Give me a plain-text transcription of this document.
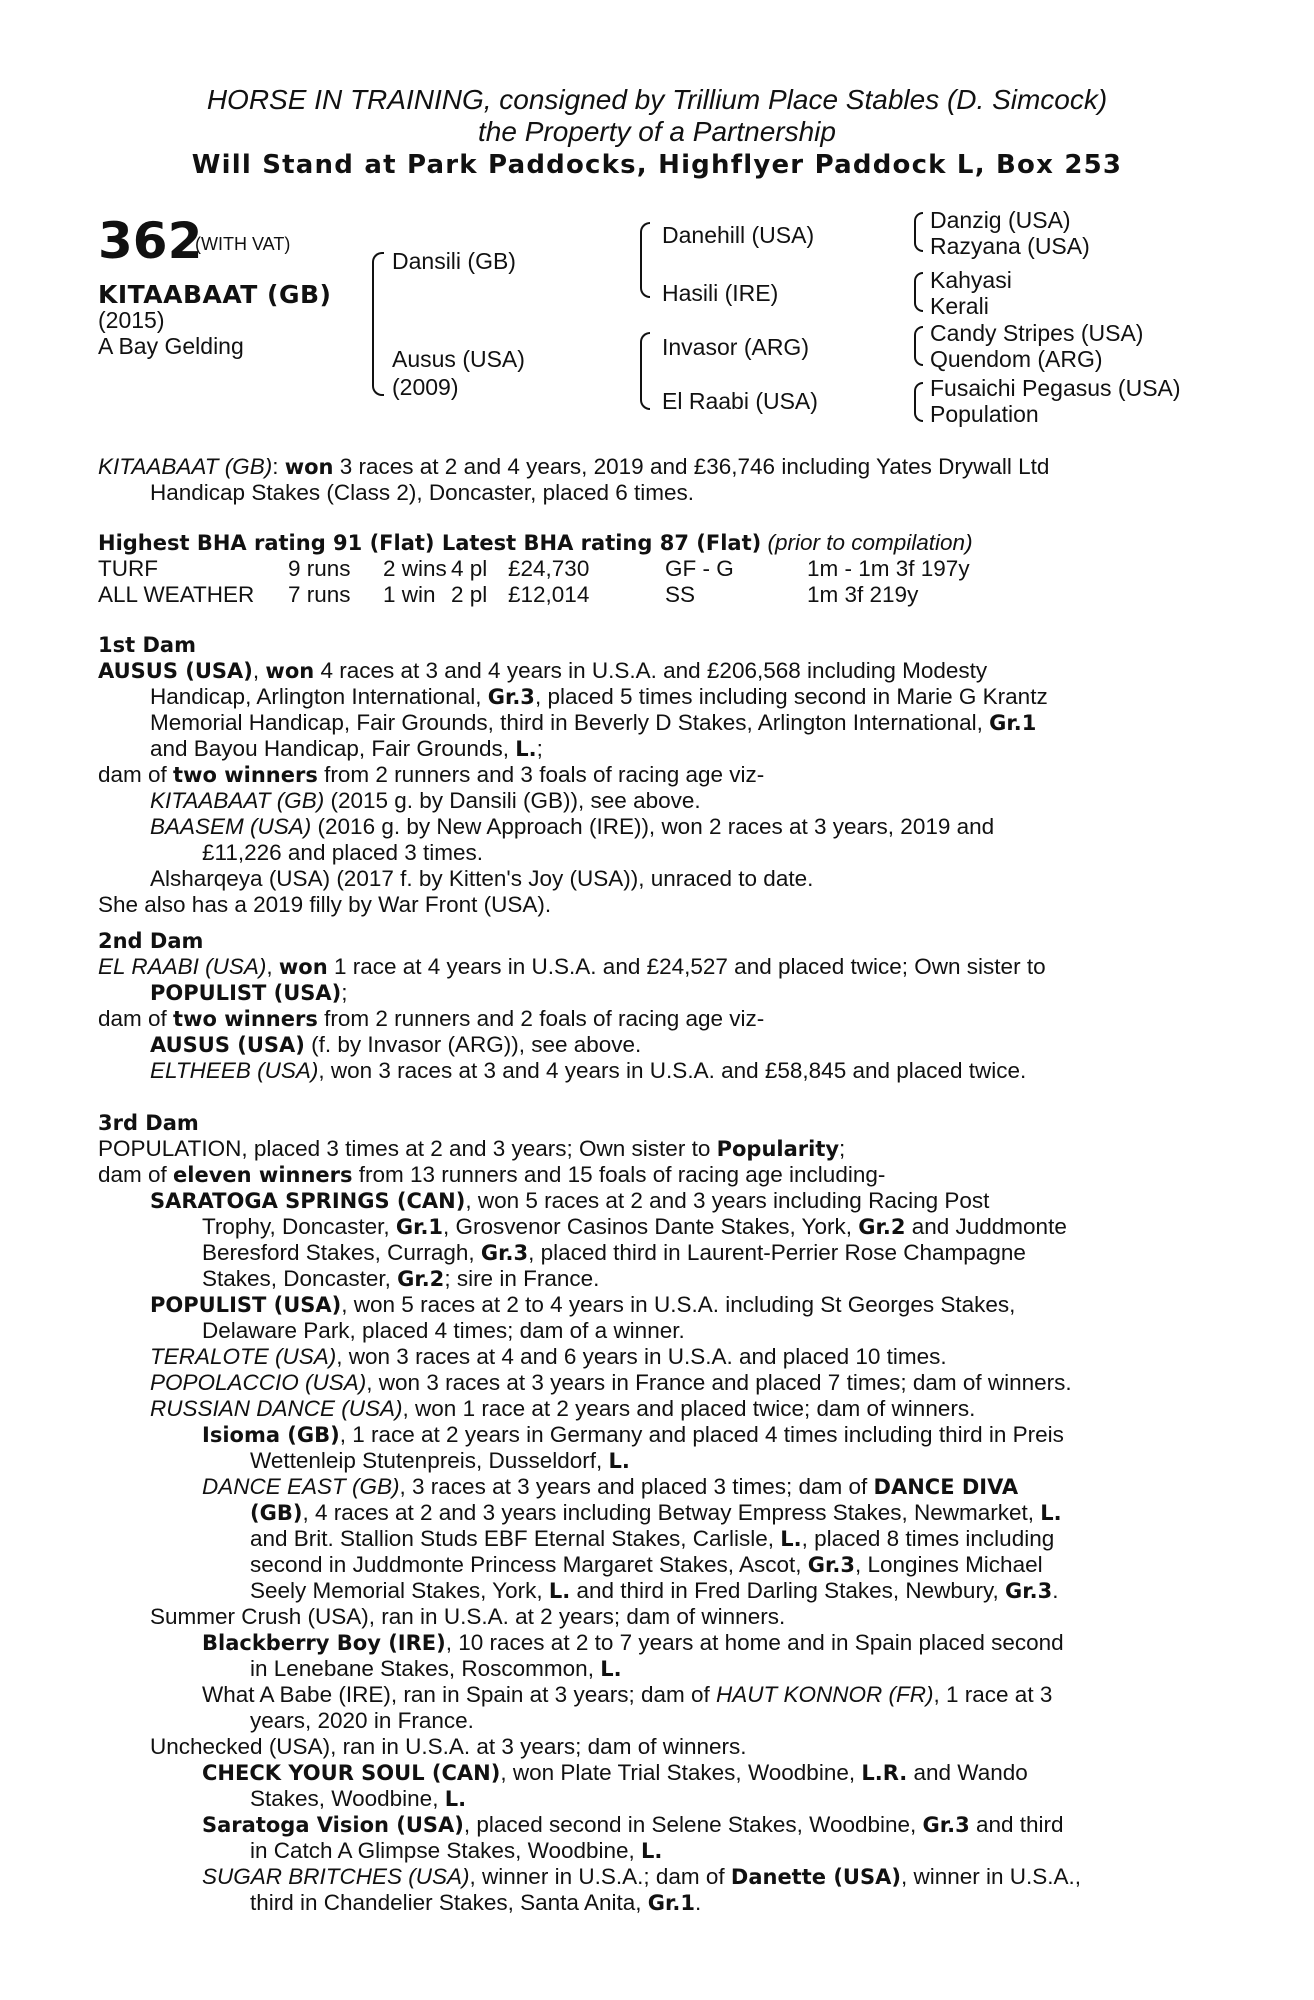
HORSE IN TRAINING, consigned by Trillium Place Stables (D. Simcock)
the Property of a Partnership
Will Stand at Park Paddocks, Highflyer Paddock L, Box 253
362
(WITH VAT)
KITAABAAT (GB)
(2015)
A Bay Gelding
Dansili (GB)
Ausus (USA)
(2009)
Danehill (USA)
Hasili (IRE)
Invasor (ARG)
El Raabi (USA)
Danzig (USA)
Razyana (USA)
Kahyasi
Kerali
Candy Stripes (USA)
Quendom (ARG)
Fusaichi Pegasus (USA)
Population
KITAABAAT (GB): won 3 races at 2 and 4 years, 2019 and £36,746 including Yates Drywall Ltd
Handicap Stakes (Class 2), Doncaster, placed 6 times.
Highest BHA rating 91 (Flat) Latest BHA rating 87 (Flat) (prior to compilation)
TURF	9 runs	2 wins 4 pl £24,730	GF - G	1m - 1m 3f 197y
ALL WEATHER	7 runs	1 win 2 pl £12,014	SS	1m 3f 219y
1st Dam
AUSUS (USA), won 4 races at 3 and 4 years in U.S.A. and £206,568 including Modesty
Handicap, Arlington International, Gr.3, placed 5 times including second in Marie G Krantz
Memorial Handicap, Fair Grounds, third in Beverly D Stakes, Arlington International, Gr.1
and Bayou Handicap, Fair Grounds, L.;
dam of two winners from 2 runners and 3 foals of racing age viz-
KITAABAAT (GB) (2015 g. by Dansili (GB)), see above.
BAASEM (USA) (2016 g. by New Approach (IRE)), won 2 races at 3 years, 2019 and
£11,226 and placed 3 times.
Alsharqeya (USA) (2017 f. by Kitten's Joy (USA)), unraced to date.
She also has a 2019 filly by War Front (USA).
2nd Dam
EL RAABI (USA), won 1 race at 4 years in U.S.A. and £24,527 and placed twice; Own sister to
POPULIST (USA);
dam of two winners from 2 runners and 2 foals of racing age viz-
AUSUS (USA) (f. by Invasor (ARG)), see above.
ELTHEEB (USA), won 3 races at 3 and 4 years in U.S.A. and £58,845 and placed twice.
3rd Dam
POPULATION, placed 3 times at 2 and 3 years; Own sister to Popularity;
dam of eleven winners from 13 runners and 15 foals of racing age including-
SARATOGA SPRINGS (CAN), won 5 races at 2 and 3 years including Racing Post
Trophy, Doncaster, Gr.1, Grosvenor Casinos Dante Stakes, York, Gr.2 and Juddmonte
Beresford Stakes, Curragh, Gr.3, placed third in Laurent-Perrier Rose Champagne
Stakes, Doncaster, Gr.2; sire in France.
POPULIST (USA), won 5 races at 2 to 4 years in U.S.A. including St Georges Stakes,
Delaware Park, placed 4 times; dam of a winner.
TERALOTE (USA), won 3 races at 4 and 6 years in U.S.A. and placed 10 times.
POPOLACCIO (USA), won 3 races at 3 years in France and placed 7 times; dam of winners.
RUSSIAN DANCE (USA), won 1 race at 2 years and placed twice; dam of winners.
Isioma (GB), 1 race at 2 years in Germany and placed 4 times including third in Preis
Wettenleip Stutenpreis, Dusseldorf, L.
DANCE EAST (GB), 3 races at 3 years and placed 3 times; dam of DANCE DIVA
(GB), 4 races at 2 and 3 years including Betway Empress Stakes, Newmarket, L.
and Brit. Stallion Studs EBF Eternal Stakes, Carlisle, L., placed 8 times including
second in Juddmonte Princess Margaret Stakes, Ascot, Gr.3, Longines Michael
Seely Memorial Stakes, York, L. and third in Fred Darling Stakes, Newbury, Gr.3.
Summer Crush (USA), ran in U.S.A. at 2 years; dam of winners.
Blackberry Boy (IRE), 10 races at 2 to 7 years at home and in Spain placed second
in Lenebane Stakes, Roscommon, L.
What A Babe (IRE), ran in Spain at 3 years; dam of HAUT KONNOR (FR), 1 race at 3
years, 2020 in France.
Unchecked (USA), ran in U.S.A. at 3 years; dam of winners.
CHECK YOUR SOUL (CAN), won Plate Trial Stakes, Woodbine, L.R. and Wando
Stakes, Woodbine, L.
Saratoga Vision (USA), placed second in Selene Stakes, Woodbine, Gr.3 and third
in Catch A Glimpse Stakes, Woodbine, L.
SUGAR BRITCHES (USA), winner in U.S.A.; dam of Danette (USA), winner in U.S.A.,
third in Chandelier Stakes, Santa Anita, Gr.1.
